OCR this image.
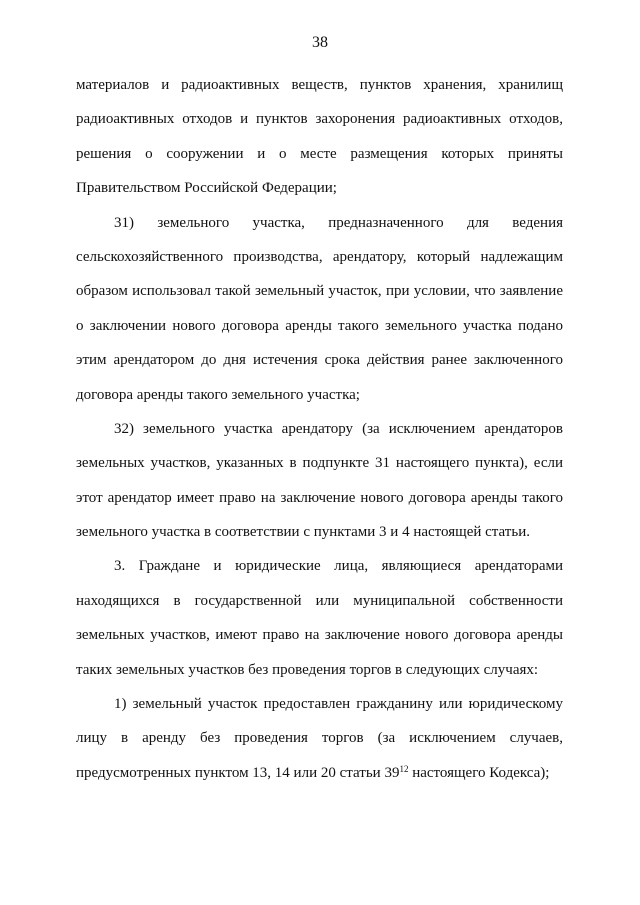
38

материалов и радиоактивных веществ, пунктов хранения, хранилищ
радиоактивных отходов и пунктов захоронения радиоактивных отходов,
решения о сооружении и о месте размещения которых приняты
Правительством Российской Федерации;

31) земельного участка, предназначенного для ведения
сельскохозяйственного производства, арендатору, который надлежащим
образом использовал такой земельный участок, при условии, что заявление
о заключении нового договора аренды такого земельного участка подано
этим арендатором до дня истечения срока действия ранее заключенного
договора аренды такого земельного участка;

32) земельного участка арендатору (за исключением арендаторов
земельных участков, указанных в подпункте 31 настоящего пункта), если
этот арендатор имеет право на заключение нового договора аренды такого
земельного участка в соответствии с пунктами 3 и 4 настоящей статьи.

3. Граждане и юридические лица, являющиеся арендаторами
находящихся в государственной или муниципальной собственности
земельных участков, имеют право на заключение нового договора аренды
таких земельных участков без проведения торгов в следующих случаях:

1) земельный участок предоставлен гражданину или юридическому
лицу в аренду без проведения торгов (за исключением случаев,
предусмотренных пунктом 13, 14 или 20 статьи $39^{12}$ настоящего Кодекса);
